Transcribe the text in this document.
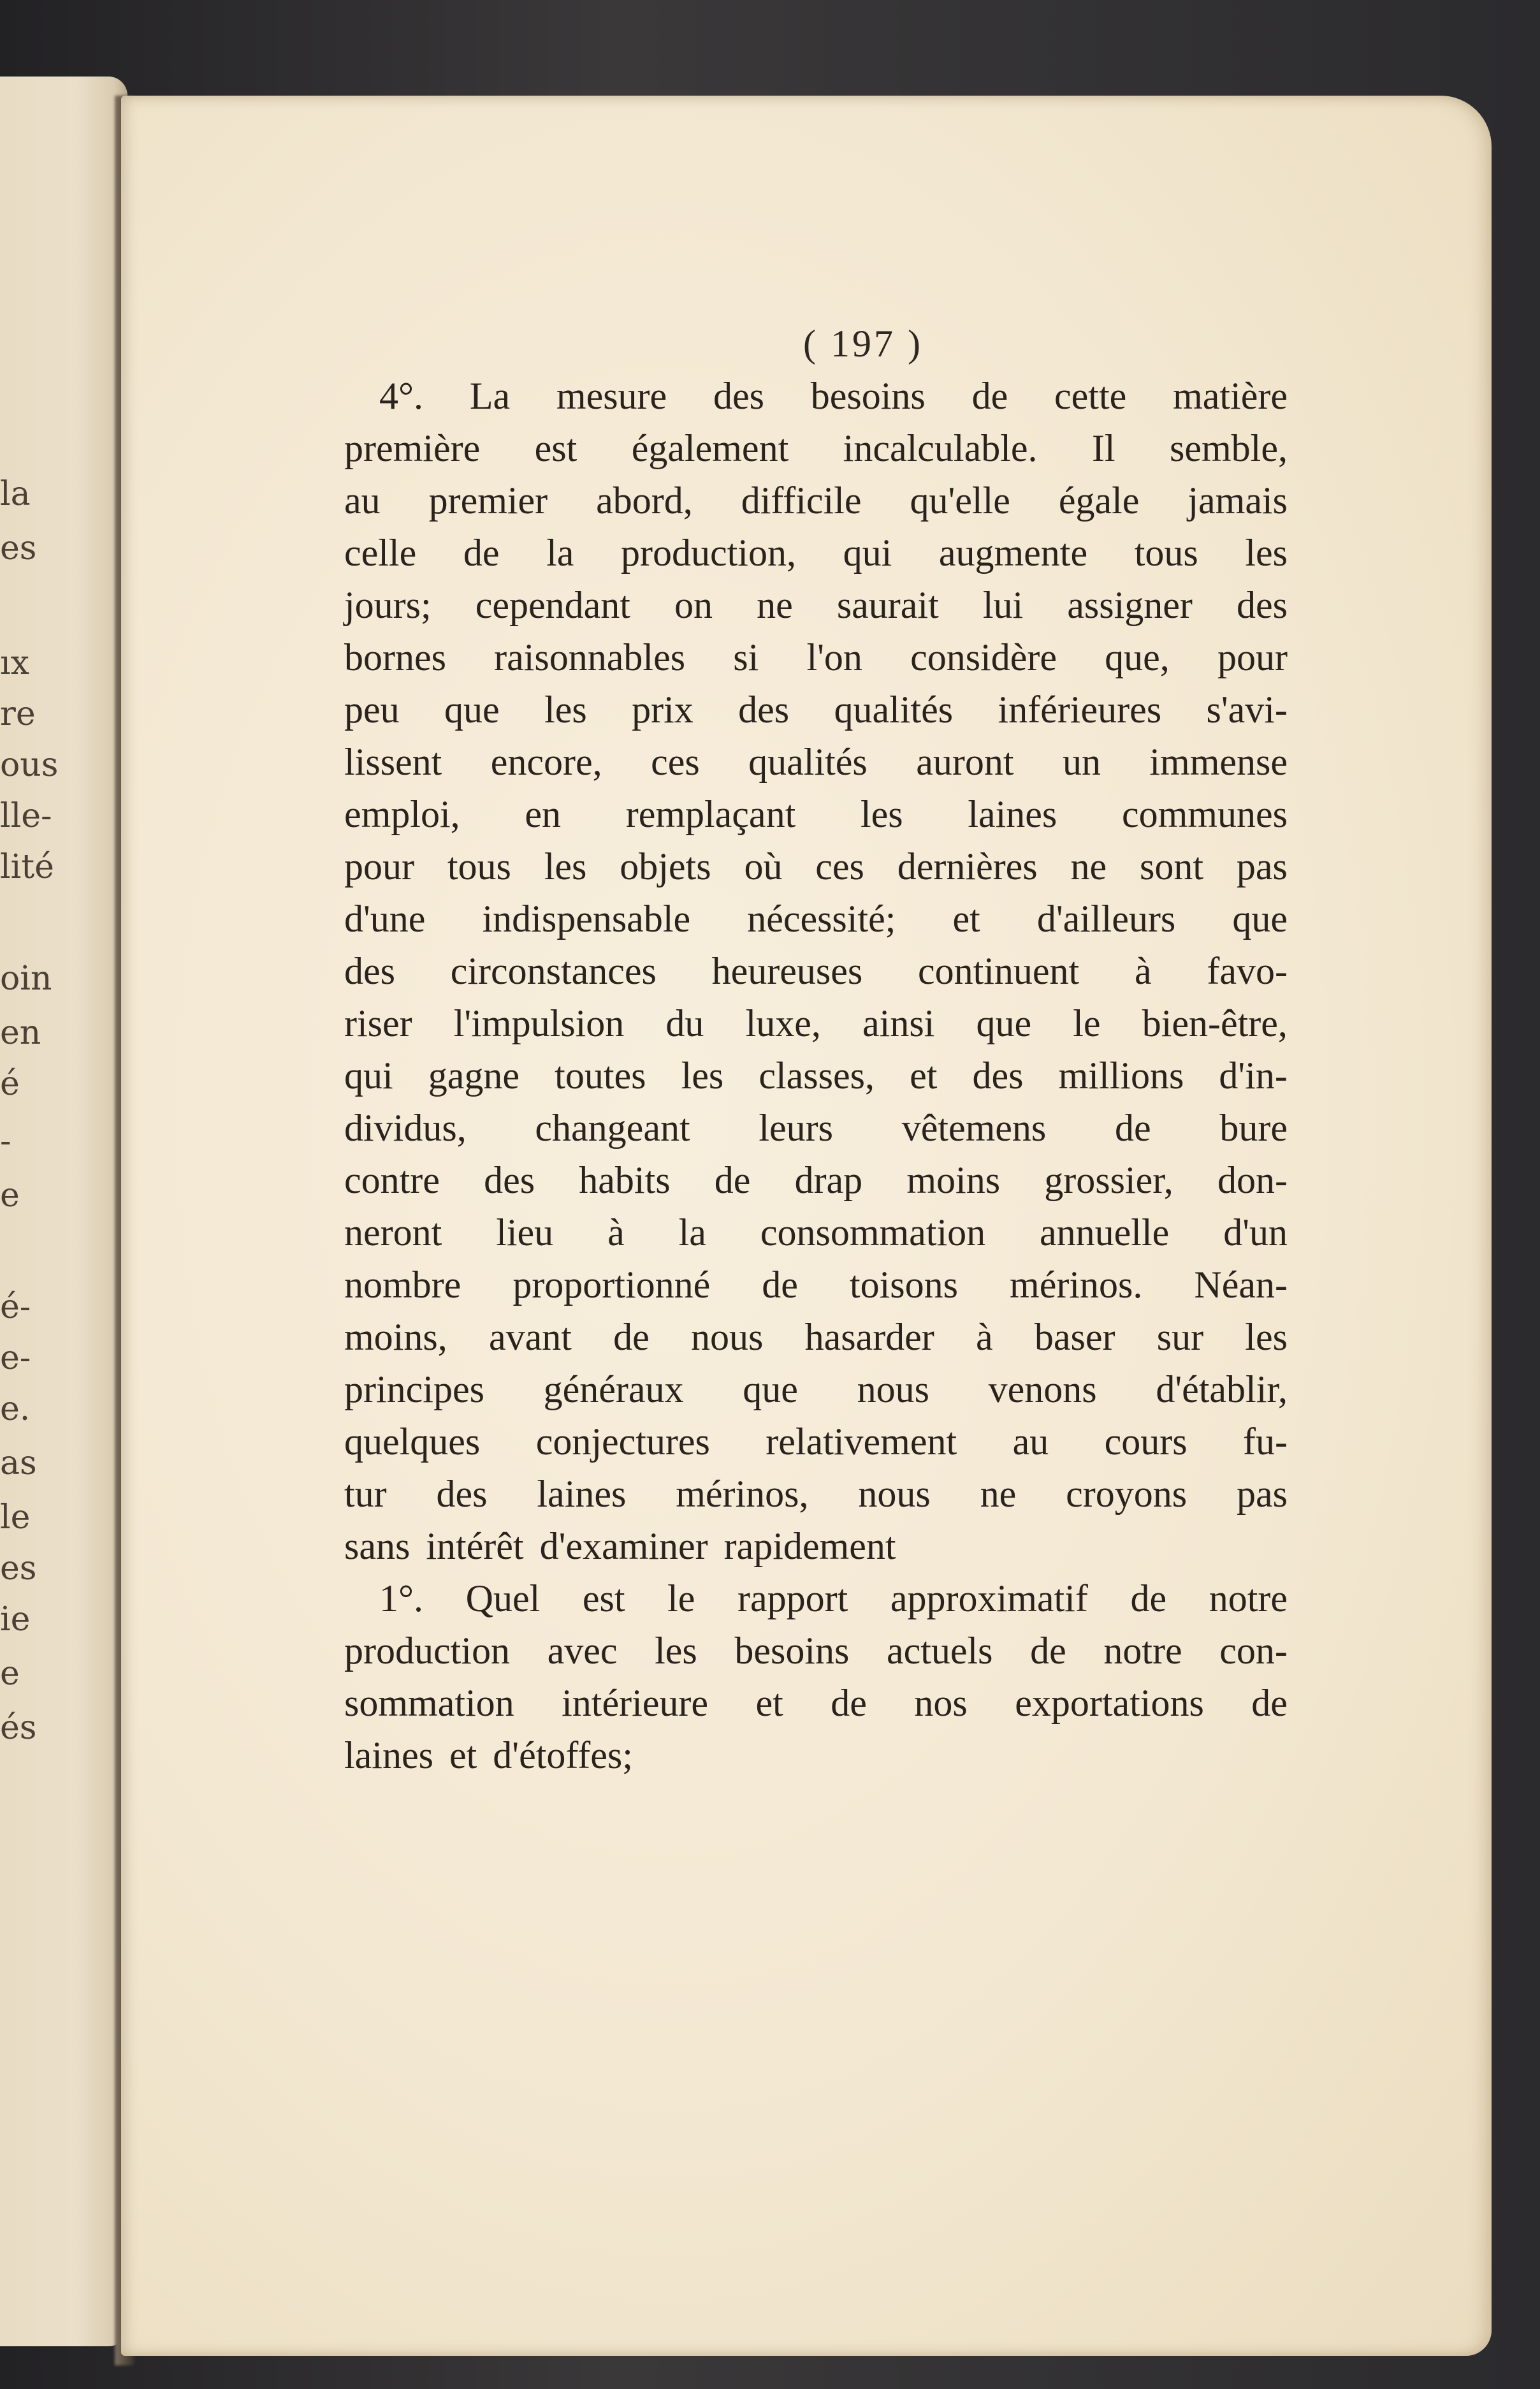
la
es
ıx
re
ous
lle-
lité
oin
en
é
-
e
é-
e-
e.
as
le
es
ie
e
és
( 197 )
4°. La mesure des besoins de cette matière
première est également incalculable. Il semble,
au premier abord, difficile qu'elle égale jamais
celle de la production, qui augmente tous les
jours; cependant on ne saurait lui assigner des
bornes raisonnables si l'on considère que, pour
peu que les prix des qualités inférieures s'avi-
lissent encore, ces qualités auront un immense
emploi, en remplaçant les laines communes
pour tous les objets où ces dernières ne sont pas
d'une indispensable nécessité; et d'ailleurs que
des circonstances heureuses continuent à favo-
riser l'impulsion du luxe, ainsi que le bien-être,
qui gagne toutes les classes, et des millions d'in-
dividus, changeant leurs vêtemens de bure
contre des habits de drap moins grossier, don-
neront lieu à la consommation annuelle d'un
nombre proportionné de toisons mérinos. Néan-
moins, avant de nous hasarder à baser sur les
principes généraux que nous venons d'établir,
quelques conjectures relativement au cours fu-
tur des laines mérinos, nous ne croyons pas
sans intérêt d'examiner rapidement
1°. Quel est le rapport approximatif de notre
production avec les besoins actuels de notre con-
sommation intérieure et de nos exportations de
laines et d'étoffes;
